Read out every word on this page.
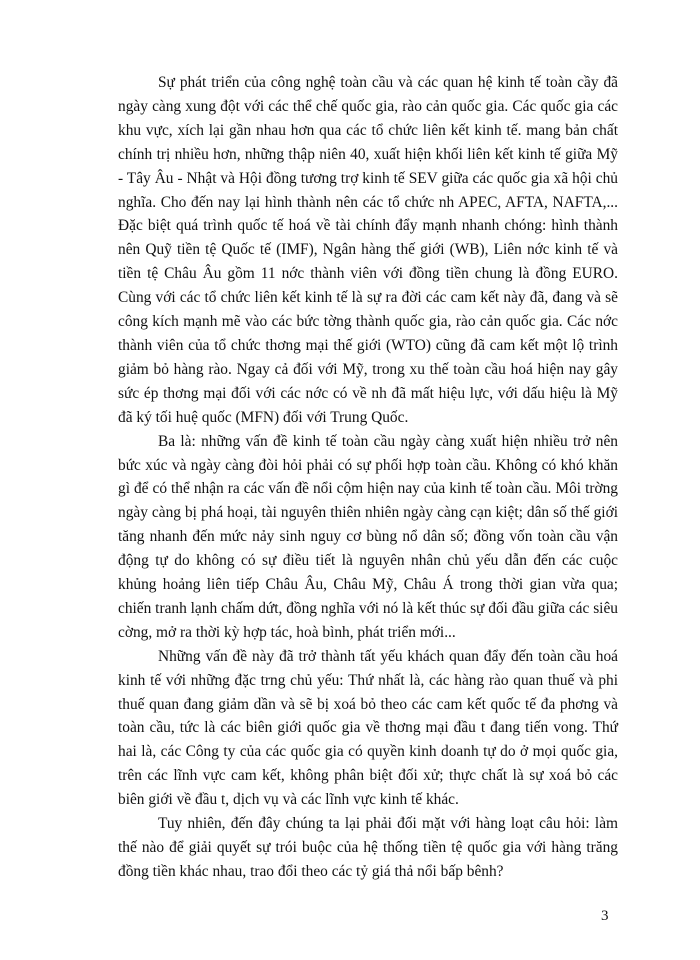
Sự phát triển của công nghệ toàn cầu và các quan hệ kinh tế toàn cầy đã ngày càng xung đột với các thể chế quốc gia, rào cản quốc gia. Các quốc gia các khu vực, xích lại gần nhau hơn qua các tổ chức liên kết kinh tế. mang bản chất chính trị nhiều hơn, những thập niên 40, xuất hiện khối liên kết kinh tế giữa Mỹ - Tây Âu - Nhật và Hội đồng tương trợ kinh tế SEV giữa các quốc gia xã hội chủ nghĩa. Cho đến nay lại hình thành nên các tổ chức nh APEC, AFTA, NAFTA,... Đặc biệt quá trình quốc tế hoá về tài chính đẩy mạnh nhanh chóng: hình thành nên Quỹ tiền tệ Quốc tế (IMF), Ngân hàng thế giới (WB), Liên nớc kinh tế và tiền tệ Châu Âu gồm 11 nớc thành viên với đồng tiền chung là đồng EURO. Cùng với các tổ chức liên kết kinh tế là sự ra đời các cam kết này đã, đang và sẽ công kích mạnh mẽ vào các bức tờng thành quốc gia, rào cản quốc gia. Các nớc thành viên của tổ chức thơng mại thế giới (WTO) cũng đã cam kết một lộ trình giảm bỏ hàng rào. Ngay cả đối với Mỹ, trong xu thế toàn cầu hoá hiện nay gây sức ép thơng mại đối với các nớc có về nh đã mất hiệu lực, với dấu hiệu là Mỹ đã ký tối huệ quốc (MFN) đối với Trung Quốc.

Ba là: những vấn đề kinh tế toàn cầu ngày càng xuất hiện nhiều trở nên bức xúc và ngày càng đòi hỏi phải có sự phối hợp toàn cầu. Không có khó khăn gì để có thể nhận ra các vấn đề nổi cộm hiện nay của kinh tế toàn cầu. Môi trờng ngày càng bị phá hoại, tài nguyên thiên nhiên ngày càng cạn kiệt; dân số thế giới tăng nhanh đến mức nảy sinh nguy cơ bùng nổ dân số; đồng vốn toàn cầu vận động tự do không có sự điều tiết là nguyên nhân chủ yếu dẫn đến các cuộc khủng hoảng liên tiếp Châu Âu, Châu Mỹ, Châu Á trong thời gian vừa qua; chiến tranh lạnh chấm dứt, đồng nghĩa với nó là kết thúc sự đối đầu giữa các siêu cờng, mở ra thời kỳ hợp tác, hoà bình, phát triển mới...

Những vấn đề này đã trở thành tất yếu khách quan đẩy đến toàn cầu hoá kinh tế với những đặc trng chủ yếu: Thứ nhất là, các hàng rào quan thuế và phi thuế quan đang giảm dần và sẽ bị xoá bỏ theo các cam kết quốc tế đa phơng và toàn cầu, tức là các biên giới quốc gia về thơng mại đầu t đang tiến vong. Thứ hai là, các Công ty của các quốc gia có quyền kinh doanh tự do ở mọi quốc gia, trên các lĩnh vực cam kết, không phân biệt đối xử; thực chất là sự xoá bỏ các biên giới về đầu t, dịch vụ và các lĩnh vực kinh tế khác.

Tuy nhiên, đến đây chúng ta lại phải đối mặt với hàng loạt câu hỏi: làm thế nào để giải quyết sự trói buộc của hệ thống tiền tệ quốc gia với hàng trăng đồng tiền khác nhau, trao đổi theo các tỷ giá thả nổi bấp bênh?

3
